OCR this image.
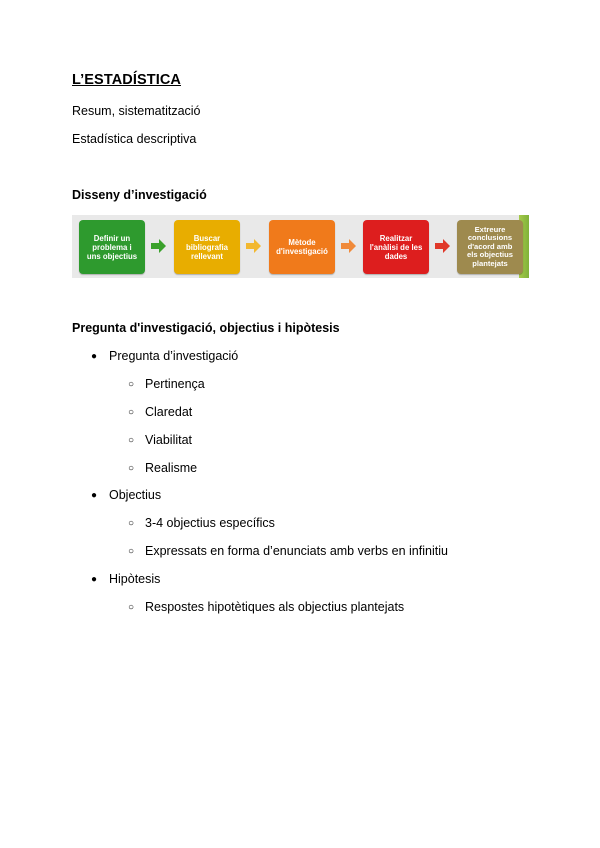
L’ESTADÍSTICA
Resum, sistematització
Estadística descriptiva
Disseny d’investigació
Definir un
problema i
uns objectius
Buscar
bibliografia
rellevant
Mètode
d'investigació
Realitzar
l'anàlisi de les
dades
Extreure
conclusions
d'acord amb
els objectius
plantejats
Pregunta d'investigació, objectius i hipòtesis
● Pregunta d’investigació
○ Pertinença
○ Claredat
○ Viabilitat
○ Realisme
● Objectius
○ 3-4 objectius específics
○ Expressats en forma d’enunciats amb verbs en infinitiu
● Hipòtesis
○ Respostes hipotètiques als objectius plantejats
